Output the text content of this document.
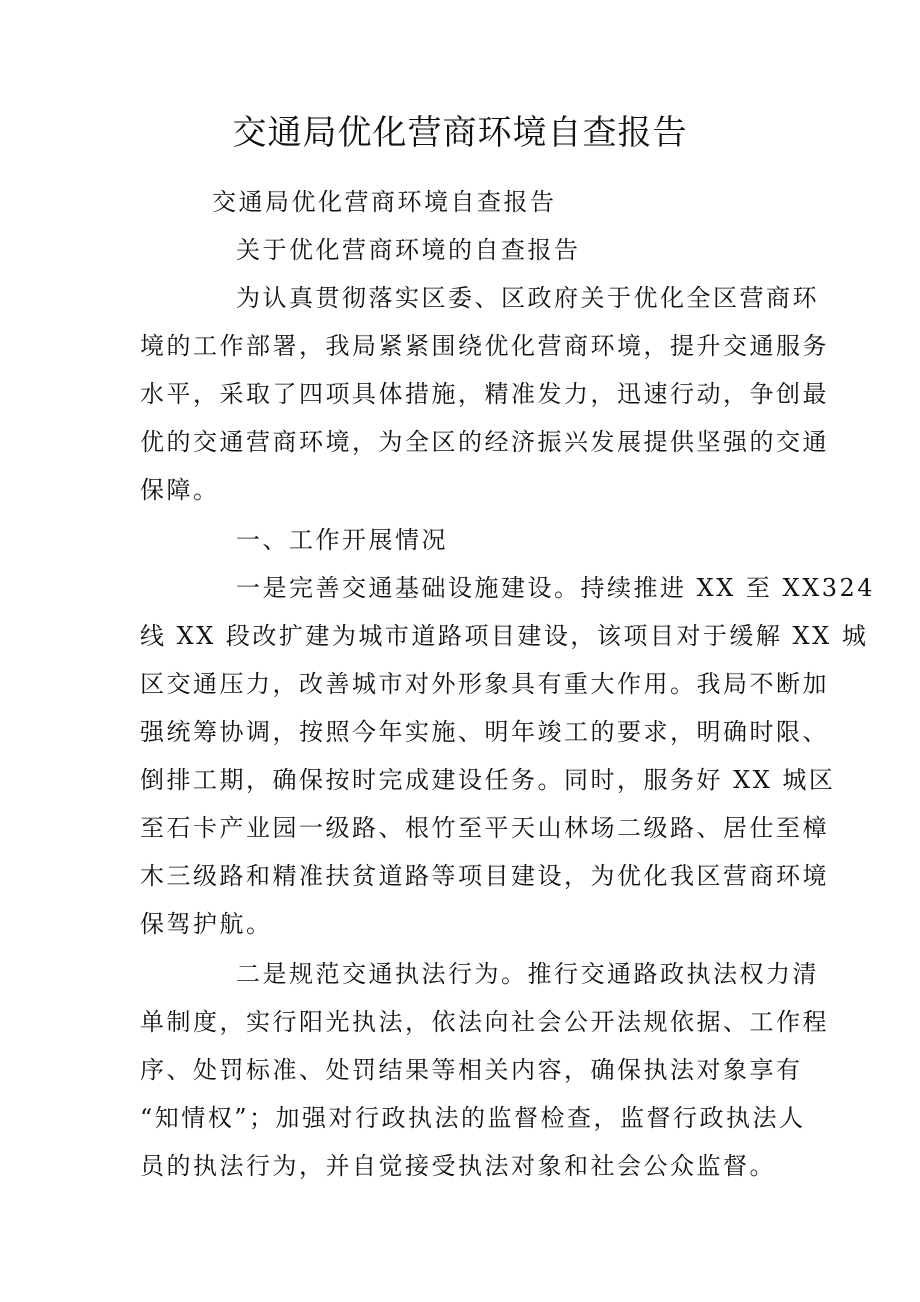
交通局优化营商环境自查报告

交通局优化营商环境自查报告

关于优化营商环境的自查报告

为认真贯彻落实区委、区政府关于优化全区营商环

境的工作部署，我局紧紧围绕优化营商环境，提升交通服务

水平，采取了四项具体措施，精准发力，迅速行动，争创最

优的交通营商环境，为全区的经济振兴发展提供坚强的交通

保障。

一、工作开展情况

一是完善交通基础设施建设。持续推进 XX 至 XX324

线 XX 段改扩建为城市道路项目建设，该项目对于缓解 XX 城

区交通压力，改善城市对外形象具有重大作用。我局不断加

强统筹协调，按照今年实施、明年竣工的要求，明确时限、

倒排工期，确保按时完成建设任务。同时，服务好 XX 城区

至石卡产业园一级路、根竹至平天山林场二级路、居仕至樟

木三级路和精准扶贫道路等项目建设，为优化我区营商环境

保驾护航。

二是规范交通执法行为。推行交通路政执法权力清

单制度，实行阳光执法，依法向社会公开法规依据、工作程

序、处罚标准、处罚结果等相关内容，确保执法对象享有

“知情权”；加强对行政执法的监督检查，监督行政执法人

员的执法行为，并自觉接受执法对象和社会公众监督。
